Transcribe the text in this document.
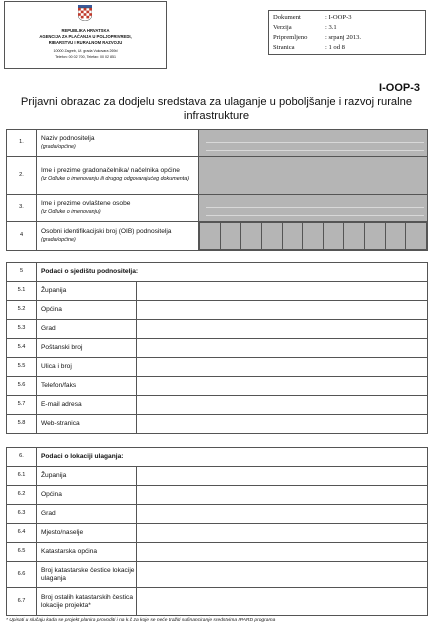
REPUBLIKA HRVATSKA
AGENCIJA ZA PLAĆANJA U POLJOPRIVREDI,
RIBARSTVU I RURALNOM RAZVOJU
10000 Zagreb, Ul. grada Vukovara 269d
Telefon: 00 02 700, Telefax: 00 02 851
Dokument	: I-OOP-3
Verzija	: 3.1
Pripremljeno	: srpanj 2013.
Stranica	: 1 od 8
I-OOP-3
Prijavni obrazac za dodjelu sredstava za ulaganje u poboljšanje i razvoj ruralne infrastrukture
1.	Naziv podnositelja
(grada/općine)	

2.	Ime i prezime gradonačelnika/ načelnika općine
(iz Odluke o imenovanju ili drugog odgovarajućeg dokumenta)	
3.	Ime i prezime ovlaštene osobe
(iz Odluke o imenovanju)	

4	Osobni identifikacijski broj (OIB) podnositelja (grada/općine)	

5	Podaci o sjedištu podnositelja:	
5.1	Županija	
5.2	Općina	
5.3	Grad	
5.4	Poštanski broj	
5.5	Ulica i broj	
5.6	Telefon/faks	
5.7	E-mail adresa	
5.8	Web-stranica	
6.	Podaci o lokaciji ulaganja:	
6.1	Županija	
6.2	Općina	
6.3	Grad	
6.4	Mjesto/naselje	
6.5	Katastarska općina	
6.6	Broj katastarske čestice lokacije ulaganja	
6.7	Broj ostalih katastarskih čestica lokacije projekta*	
* Upisati u slučaju kada se projekt planira provoditi i na k.č za koje se neće tražiti sufinanciranje sredstvima IPARD programa
